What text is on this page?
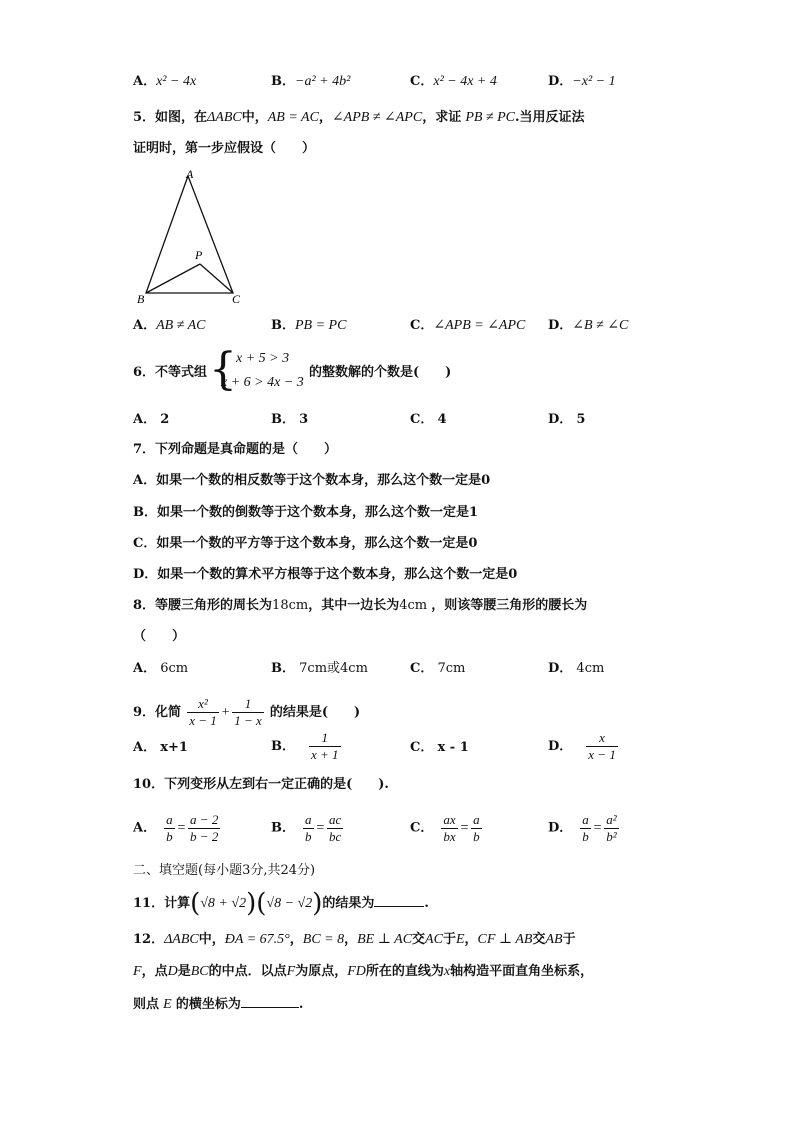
A．x² − 4x	B．−a² + 4b²	C．x² − 4x + 4	D．−x² − 1
5．如图，在ΔABC中，AB = AC，∠APB ≠ ∠APC，求证 PB ≠ PC.当用反证法
证明时，第一步应假设（　　）
A
P
B	C
A．AB ≠ AC	B．PB = PC	C．∠APB = ∠APC D．∠B ≠ ∠C
6．不等式组 { x + 5 > 3
x + 6 > 4x − 3
的整数解的个数是(　　)
A． 2	B． 3	C． 4	D． 5
7．下列命题是真命题的是（　　）
A．如果一个数的相反数等于这个数本身，那么这个数一定是0
B．如果一个数的倒数等于这个数本身，那么这个数一定是1
C．如果一个数的平方等于这个数本身，那么这个数一定是0
D．如果一个数的算术平方根等于这个数本身，那么这个数一定是0
8．等腰三角形的周长为18cm，其中一边长为4cm ，则该等腰三角形的腰长为
（　　）
A． 6cm	B． 7cm或4cm	C． 7cm	D． 4cm
9．化简 $\frac{\text{x²}}{x - 1} + \frac{1}{1 - x}$ 的结果是(　　)
A． x+1	B． $\frac{1}{x + 1}$	C． x - 1	D． $\frac{x}{x - 1}$
10．下列变形从左到右一定正确的是(　　).
A． $\frac{a}{b} = \frac{a - 2}{b - 2}$	B． $\frac{a}{b} = \frac{ac}{bc}$	C． $\frac{ax}{bx} = \frac{a}{b}$	D． $\frac{a}{b} = \frac{\text{a²}}{\text{b²}}$
二、填空题(每小题3分,共24分)
11．计算(√8 + √2)(√8 − √2)的结果为	.
12．ΔABC中，ÐA = 67.5°，BC = 8，BE ⊥ AC交AC于E，CF ⊥ AB交AB于
F，点D是BC的中点．以点F为原点，FD所在的直线为x轴构造平面直角坐标系，
则点 E 的横坐标为	.
